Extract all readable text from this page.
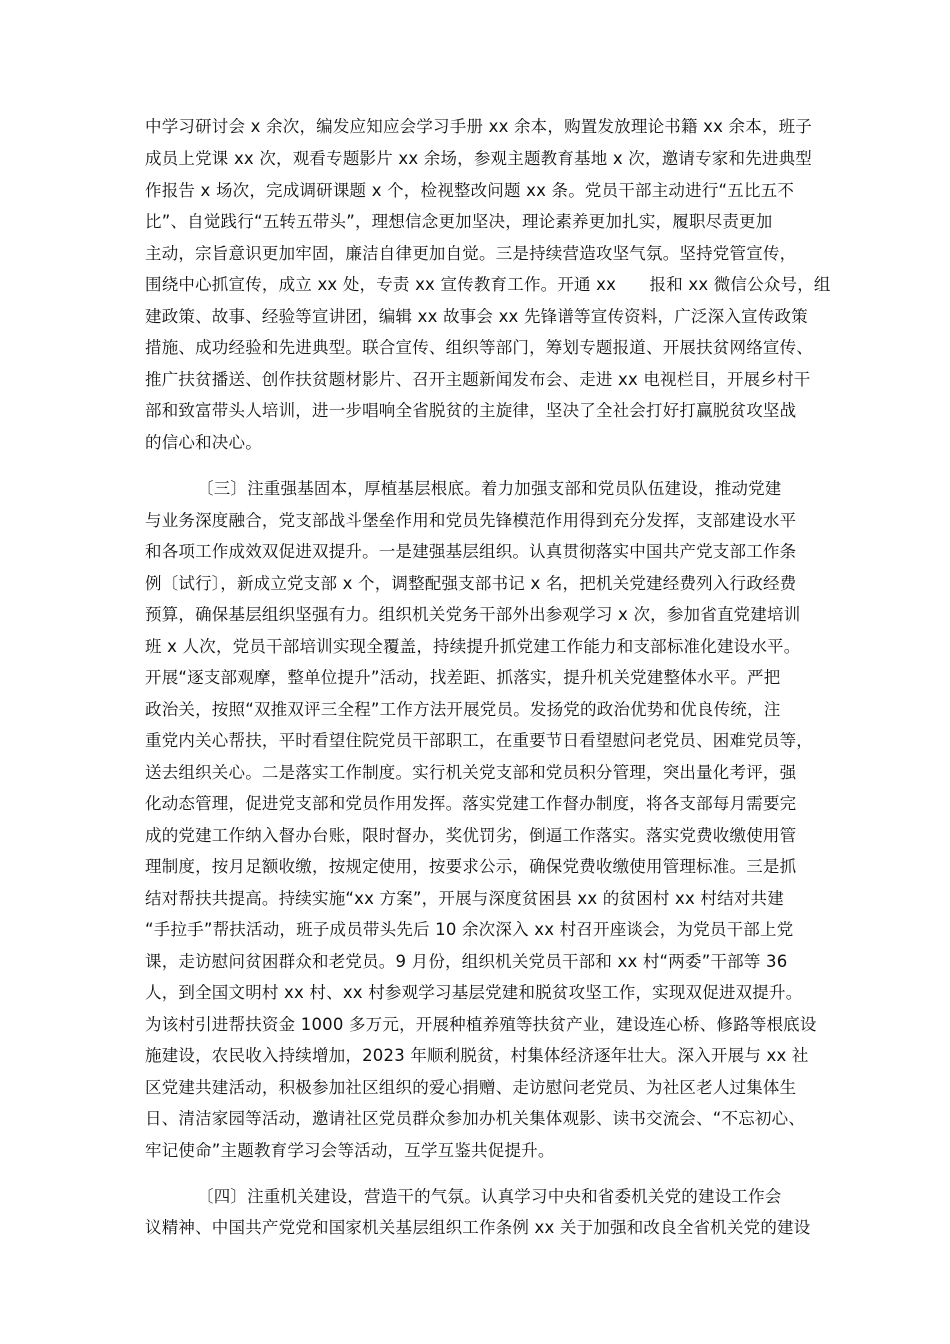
中学习研讨会 x 余次，编发应知应会学习手册 xx 余本，购置发放理论书籍 xx 余本，班子

成员上党课 xx 次，观看专题影片 xx 余场，参观主题教育基地 x 次，邀请专家和先进典型

作报告 x 场次，完成调研课题 x 个，检视整改问题 xx 条。党员干部主动进行“五比五不

比”、自觉践行“五转五带头”，理想信念更加坚决，理论素养更加扎实，履职尽责更加

主动，宗旨意识更加牢固，廉洁自律更加自觉。三是持续营造攻坚气氛。坚持党管宣传，

围绕中心抓宣传，成立 xx 处，专责 xx 宣传教育工作。开通 xx　　报和 xx 微信公众号，组

建政策、故事、经验等宣讲团，编辑 xx 故事会 xx 先锋谱等宣传资料，广泛深入宣传政策

措施、成功经验和先进典型。联合宣传、组织等部门，筹划专题报道、开展扶贫网络宣传、

推广扶贫播送、创作扶贫题材影片、召开主题新闻发布会、走进 xx 电视栏目，开展乡村干

部和致富带头人培训，进一步唱响全省脱贫的主旋律，坚决了全社会打好打赢脱贫攻坚战

的信心和决心。

〔三〕注重强基固本，厚植基层根底。着力加强支部和党员队伍建设，推动党建

与业务深度融合，党支部战斗堡垒作用和党员先锋模范作用得到充分发挥，支部建设水平

和各项工作成效双促进双提升。一是建强基层组织。认真贯彻落实中国共产党支部工作条

例〔试行〕，新成立党支部 x 个，调整配强支部书记 x 名，把机关党建经费列入行政经费

预算，确保基层组织坚强有力。组织机关党务干部外出参观学习 x 次，参加省直党建培训

班 x 人次，党员干部培训实现全覆盖，持续提升抓党建工作能力和支部标准化建设水平。

开展“逐支部观摩，整单位提升”活动，找差距、抓落实，提升机关党建整体水平。严把

政治关，按照“双推双评三全程”工作方法开展党员。发扬党的政治优势和优良传统，注

重党内关心帮扶，平时看望住院党员干部职工，在重要节日看望慰问老党员、困难党员等，

送去组织关心。二是落实工作制度。实行机关党支部和党员积分管理，突出量化考评，强

化动态管理，促进党支部和党员作用发挥。落实党建工作督办制度，将各支部每月需要完

成的党建工作纳入督办台账，限时督办，奖优罚劣，倒逼工作落实。落实党费收缴使用管

理制度，按月足额收缴，按规定使用，按要求公示，确保党费收缴使用管理标准。三是抓

结对帮扶共提高。持续实施“xx 方案”，开展与深度贫困县 xx 的贫困村 xx 村结对共建

“手拉手”帮扶活动，班子成员带头先后 10 余次深入 xx 村召开座谈会，为党员干部上党

课，走访慰问贫困群众和老党员。9 月份，组织机关党员干部和 xx 村“两委”干部等 36

人，到全国文明村 xx 村、xx 村参观学习基层党建和脱贫攻坚工作，实现双促进双提升。

为该村引进帮扶资金 1000 多万元，开展种植养殖等扶贫产业，建设连心桥、修路等根底设

施建设，农民收入持续增加，2023 年顺利脱贫，村集体经济逐年壮大。深入开展与 xx 社

区党建共建活动，积极参加社区组织的爱心捐赠、走访慰问老党员、为社区老人过集体生

日、清洁家园等活动，邀请社区党员群众参加办机关集体观影、读书交流会、“不忘初心、

牢记使命”主题教育学习会等活动，互学互鉴共促提升。

〔四〕注重机关建设，营造干的气氛。认真学习中央和省委机关党的建设工作会

议精神、中国共产党党和国家机关基层组织工作条例 xx 关于加强和改良全省机关党的建设
